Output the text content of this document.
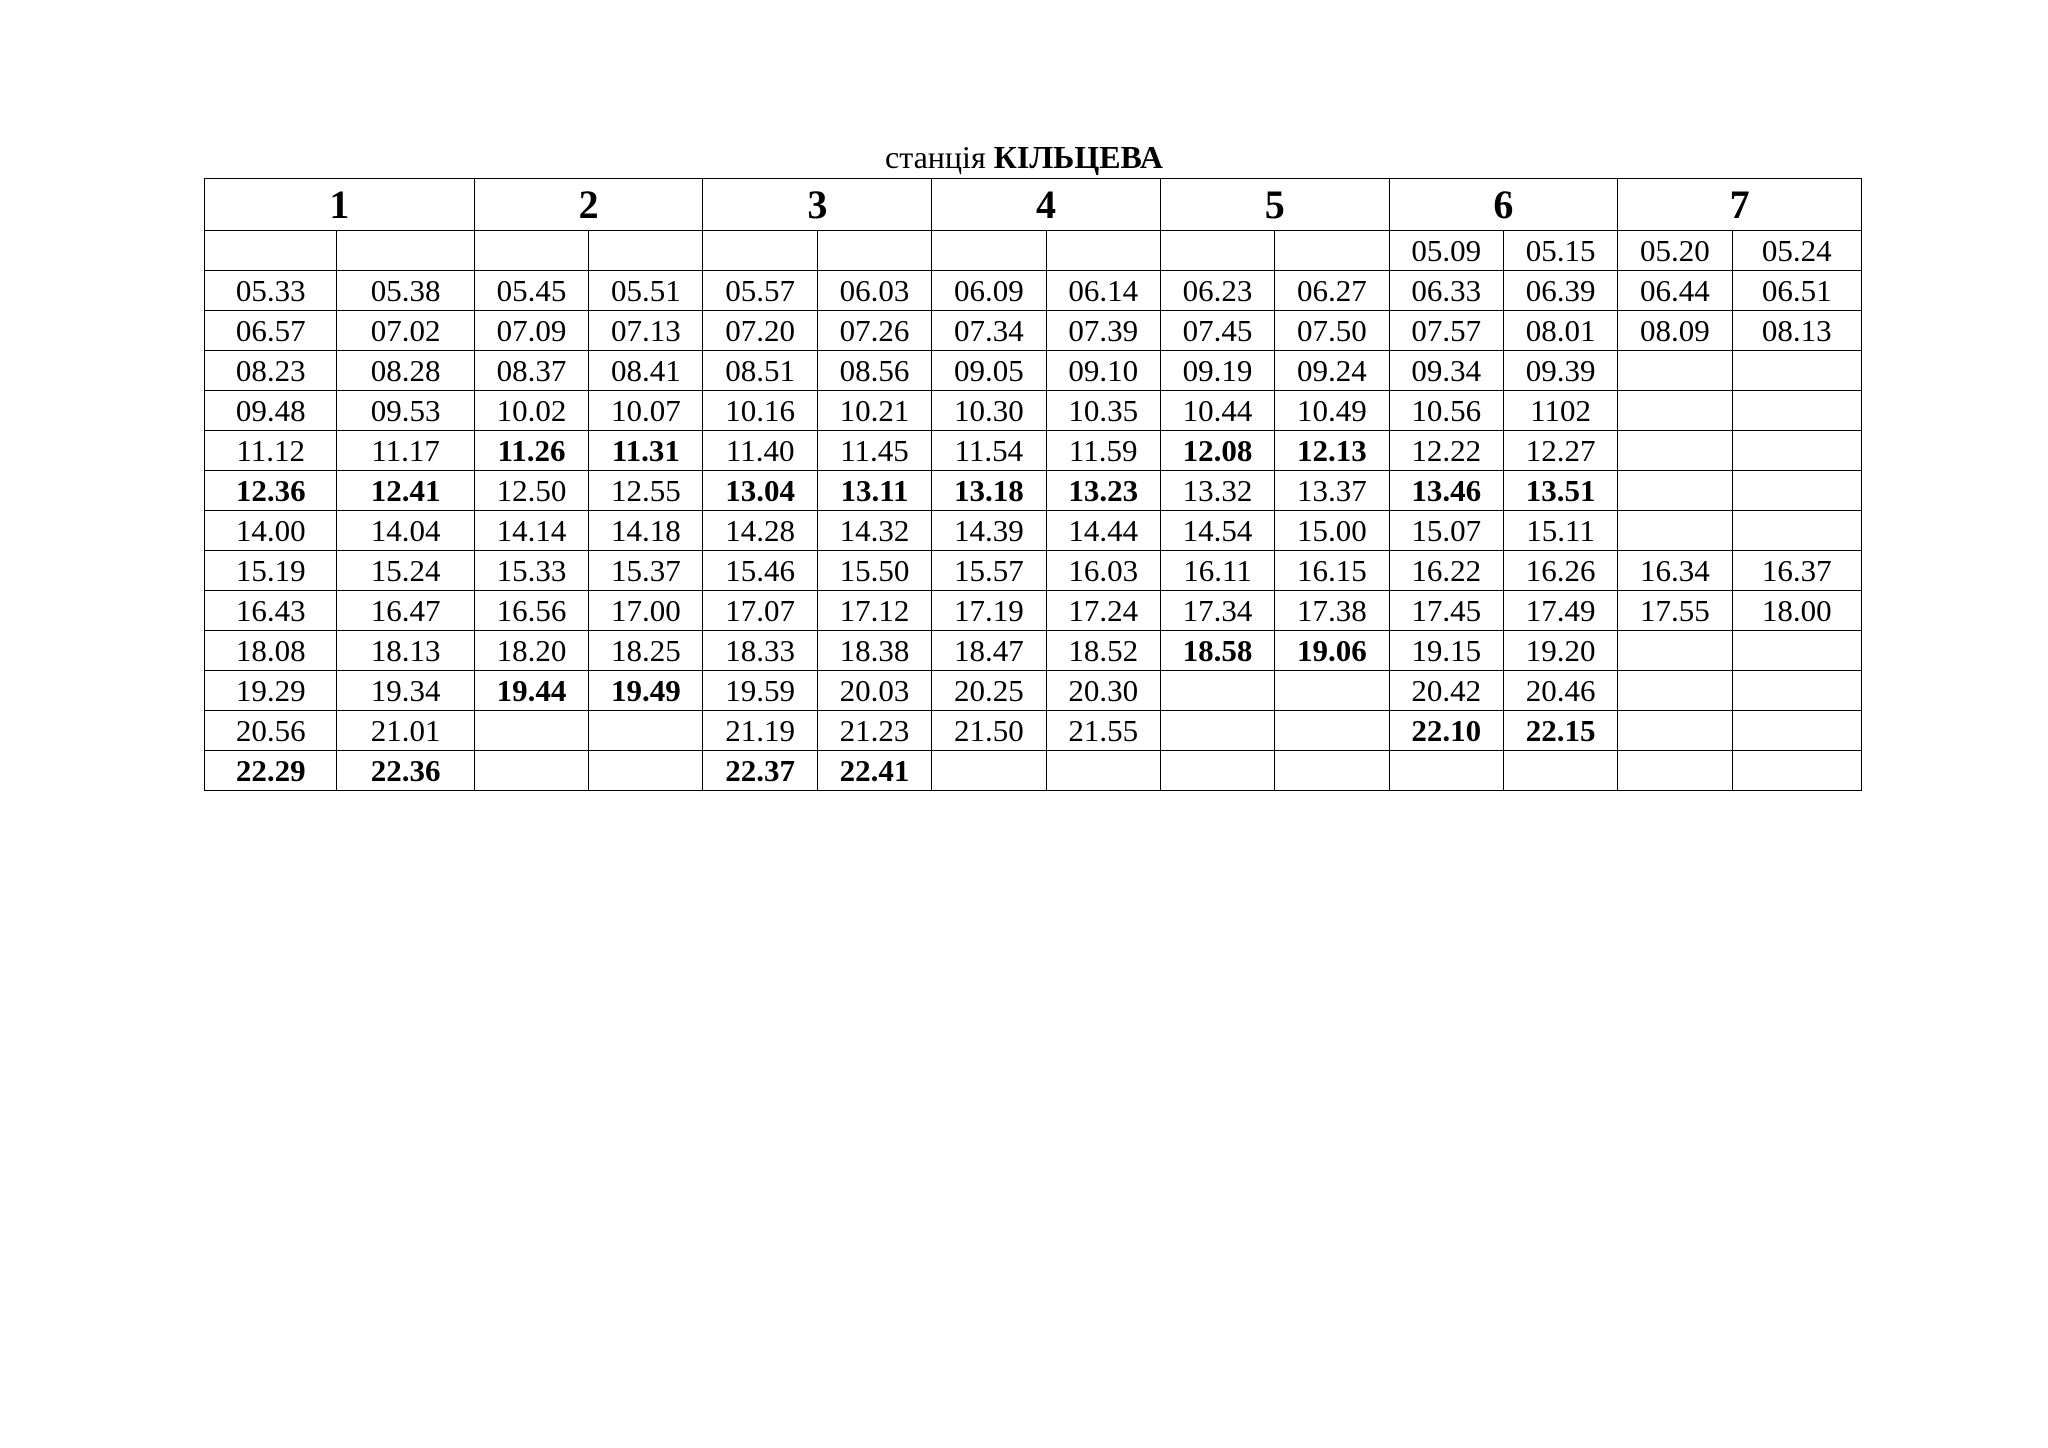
станція КІЛЬЦЕВА
1		2		3		4		5		6		7	
										05.09	05.15	05.20	05.24
05.33	05.38	05.45	05.51	05.57	06.03	06.09	06.14	06.23	06.27	06.33	06.39	06.44	06.51
06.57	07.02	07.09	07.13	07.20	07.26	07.34	07.39	07.45	07.50	07.57	08.01	08.09	08.13
08.23	08.28	08.37	08.41	08.51	08.56	09.05	09.10	09.19	09.24	09.34	09.39		
09.48	09.53	10.02	10.07	10.16	10.21	10.30	10.35	10.44	10.49	10.56	1102		
11.12	11.17	11.26	11.31	11.40	11.45	11.54	11.59	12.08	12.13	12.22	12.27		
12.36	12.41	12.50	12.55	13.04	13.11	13.18	13.23	13.32	13.37	13.46	13.51		
14.00	14.04	14.14	14.18	14.28	14.32	14.39	14.44	14.54	15.00	15.07	15.11		
15.19	15.24	15.33	15.37	15.46	15.50	15.57	16.03	16.11	16.15	16.22	16.26	16.34	16.37
16.43	16.47	16.56	17.00	17.07	17.12	17.19	17.24	17.34	17.38	17.45	17.49	17.55	18.00
18.08	18.13	18.20	18.25	18.33	18.38	18.47	18.52	18.58	19.06	19.15	19.20		
19.29	19.34	19.44	19.49	19.59	20.03	20.25	20.30			20.42	20.46		
20.56	21.01			21.19	21.23	21.50	21.55			22.10	22.15		
22.29	22.36			22.37	22.41								
